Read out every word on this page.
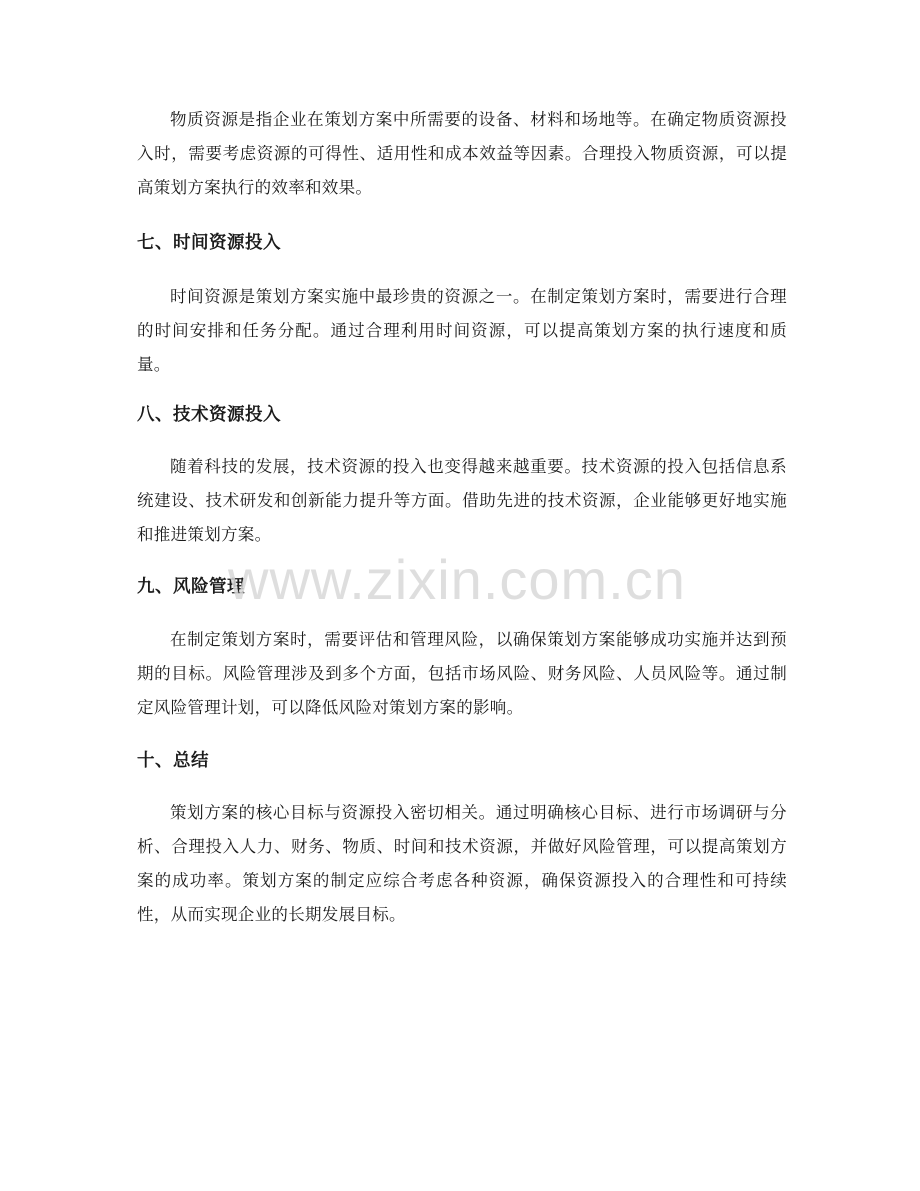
物质资源是指企业在策划方案中所需要的设备、材料和场地等。在确定物质资源投入时，需要考虑资源的可得性、适用性和成本效益等因素。合理投入物质资源，可以提高策划方案执行的效率和效果。

七、时间资源投入

时间资源是策划方案实施中最珍贵的资源之一。在制定策划方案时，需要进行合理的时间安排和任务分配。通过合理利用时间资源，可以提高策划方案的执行速度和质量。

八、技术资源投入

随着科技的发展，技术资源的投入也变得越来越重要。技术资源的投入包括信息系统建设、技术研发和创新能力提升等方面。借助先进的技术资源，企业能够更好地实施和推进策划方案。

九、风险管理

在制定策划方案时，需要评估和管理风险，以确保策划方案能够成功实施并达到预期的目标。风险管理涉及到多个方面，包括市场风险、财务风险、人员风险等。通过制定风险管理计划，可以降低风险对策划方案的影响。

十、总结

策划方案的核心目标与资源投入密切相关。通过明确核心目标、进行市场调研与分析、合理投入人力、财务、物质、时间和技术资源，并做好风险管理，可以提高策划方案的成功率。策划方案的制定应综合考虑各种资源，确保资源投入的合理性和可持续性，从而实现企业的长期发展目标。

www.zixin.com.cn
